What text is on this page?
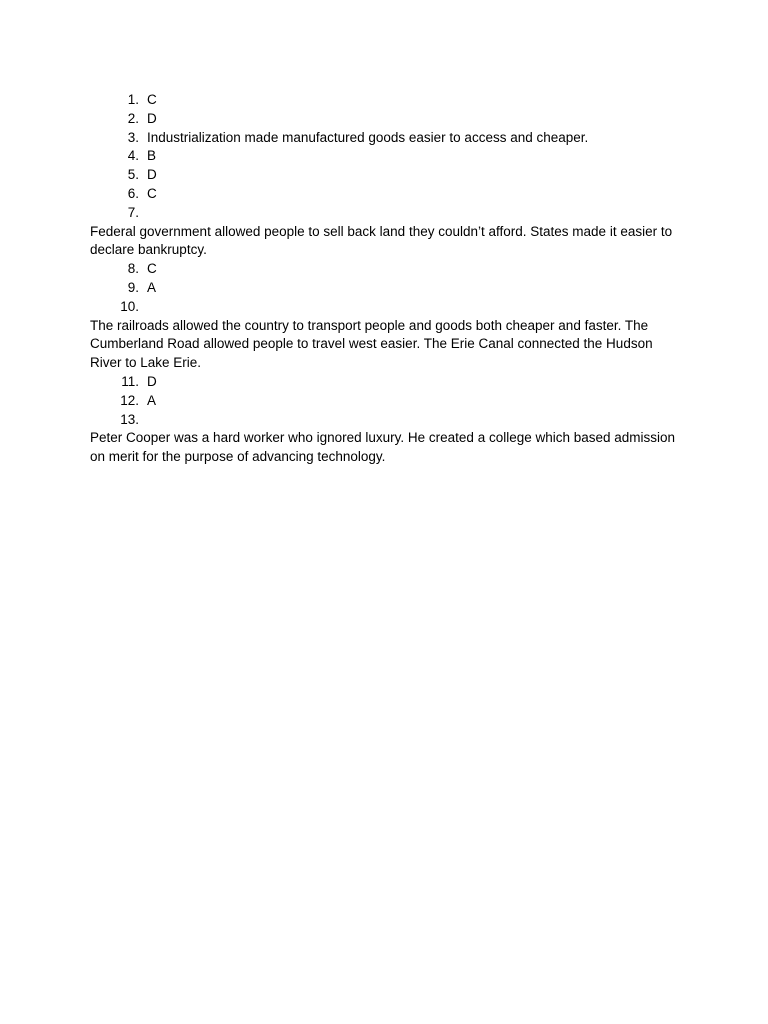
1. C
2. D
3. Industrialization made manufactured goods easier to access and cheaper.
4. B
5. D
6. C
7.

Federal government allowed people to sell back land they couldn’t afford. States made it easier to declare bankruptcy.

8. C
9. A
10.

The railroads allowed the country to transport people and goods both cheaper and faster. The Cumberland Road allowed people to travel west easier. The Erie Canal connected the Hudson River to Lake Erie.

11. D
12. A
13.

Peter Cooper was a hard worker who ignored luxury. He created a college which based admission on merit for the purpose of advancing technology.
